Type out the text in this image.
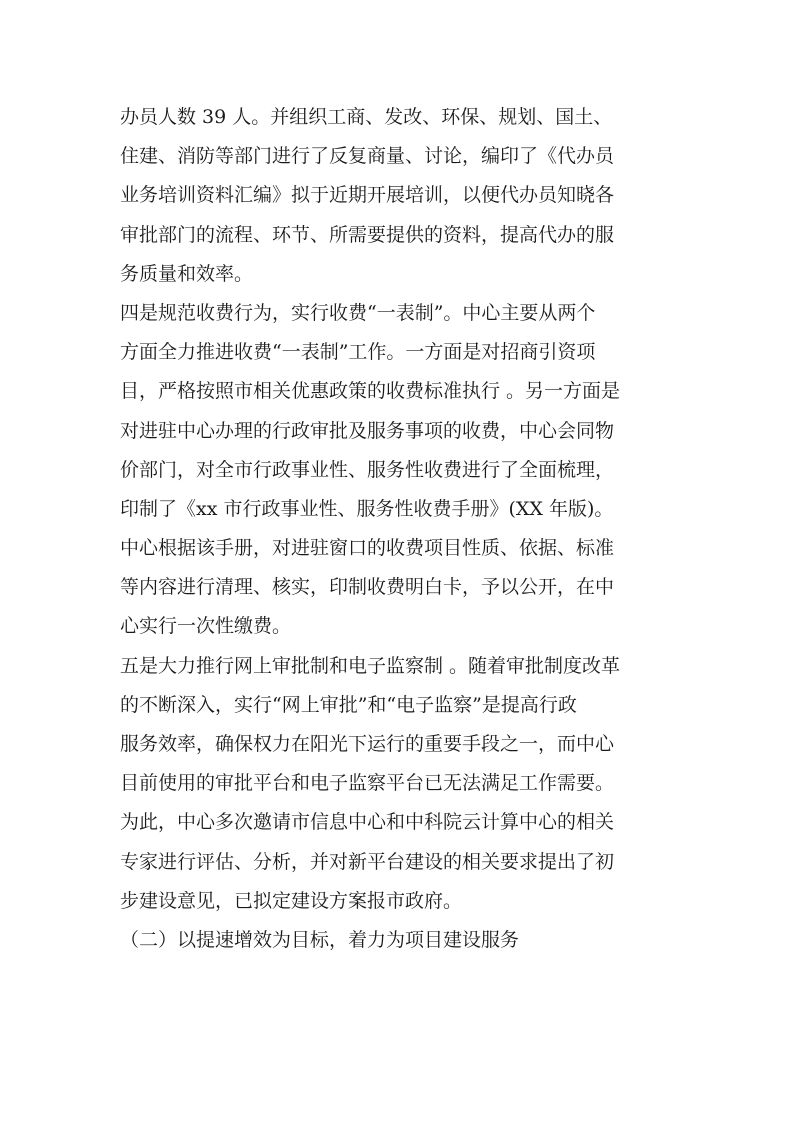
办员人数 39 人。并组织工商、发改、环保、规划、国土、
住建、消防等部门进行了反复商量、讨论，编印了《代办员
业务培训资料汇编》拟于近期开展培训，以便代办员知晓各
审批部门的流程、环节、所需要提供的资料，提高代办的服
务质量和效率。
四是规范收费行为，实行收费“一表制”。中心主要从两个
方面全力推进收费“一表制”工作。一方面是对招商引资项
目，严格按照市相关优惠政策的收费标准执行 。另一方面是
对进驻中心办理的行政审批及服务事项的收费，中心会同物
价部门，对全市行政事业性、服务性收费进行了全面梳理，
印制了《xx 市行政事业性、服务性收费手册》(XX 年版)。
中心根据该手册，对进驻窗口的收费项目性质、依据、标准
等内容进行清理、核实，印制收费明白卡，予以公开，在中
心实行一次性缴费。
五是大力推行网上审批制和电子监察制 。随着审批制度改革
的不断深入，实行“网上审批”和“电子监察”是提高行政
服务效率，确保权力在阳光下运行的重要手段之一，而中心
目前使用的审批平台和电子监察平台已无法满足工作需要。
为此，中心多次邀请市信息中心和中科院云计算中心的相关
专家进行评估、分析，并对新平台建设的相关要求提出了初
步建设意见，已拟定建设方案报市政府。
（二）以提速增效为目标，着力为项目建设服务
